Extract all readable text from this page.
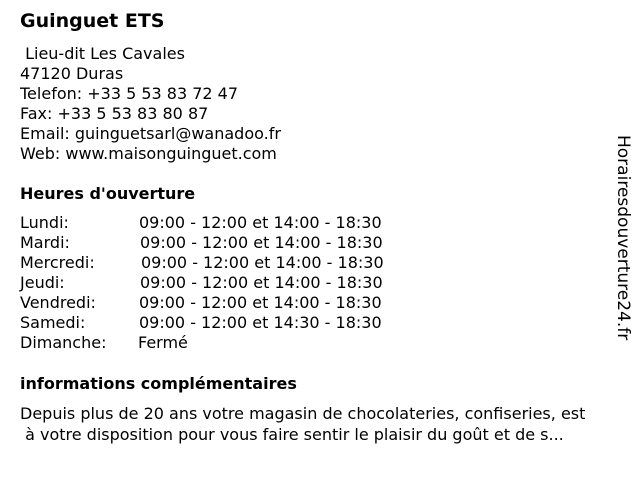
Guinguet ETS
Lieu-dit Les Cavales
47120 Duras
Telefon: +33 5 53 83 72 47
Fax: +33 5 53 83 80 87
Email: guinguetsarl@wanadoo.fr
Web: www.maisonguinguet.com
Heures d'ouverture
Lundi:	09:00 - 12:00 et 14:00 - 18:30
Mardi:	09:00 - 12:00 et 14:00 - 18:30
Mercredi:	09:00 - 12:00 et 14:00 - 18:30
Jeudi:	09:00 - 12:00 et 14:00 - 18:30
Vendredi:	09:00 - 12:00 et 14:00 - 18:30
Samedi:	09:00 - 12:00 et 14:30 - 18:30
Dimanche: Fermé
informations complémentaires
Depuis plus de 20 ans votre magasin de chocolateries, confiseries, est
à votre disposition pour vous faire sentir le plaisir du goût et de s...
Horairesdouverture24.fr
